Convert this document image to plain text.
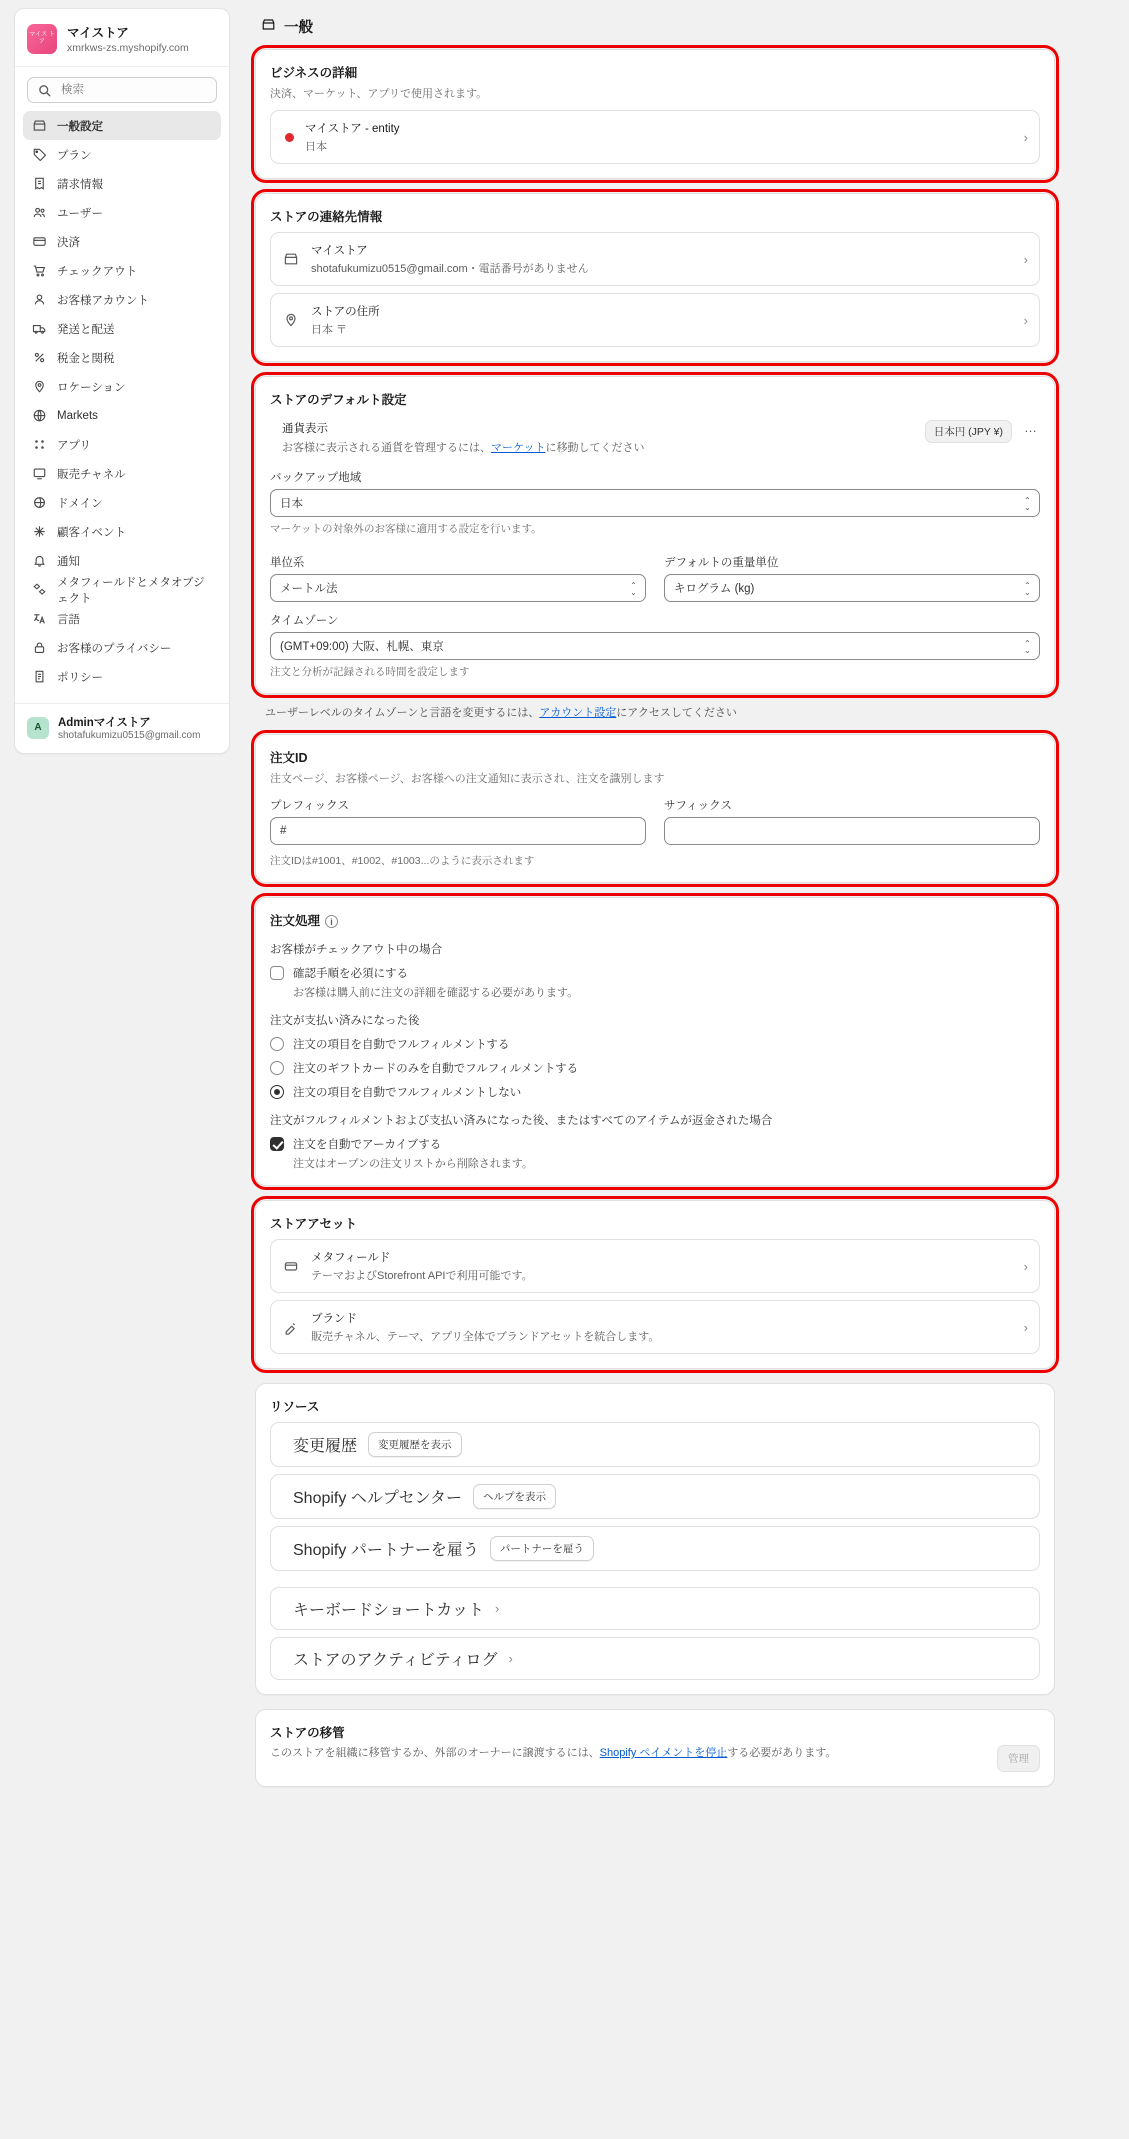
マイス トア
マイストア
xmrkws-zs.myshopify.com
検索
一般設定
プラン
請求情報
ユーザー
決済
チェックアウト
お客様アカウント
発送と配送
税金と関税
ロケーション
Markets
アプリ
販売チャネル
ドメイン
顧客イベント
通知
メタフィールドとメタオブジェクト
言語
お客様のプライバシー
ポリシー
A	Adminマイストア
shotafukumizu0515@gmail.com
一般
ビジネスの詳細

決済、マーケット、アプリで使用されます。

マイストア - entity
日本
›
ストアの連絡先情報
マイストア
shotafukumizu0515@gmail.com・電話番号がありません
›
ストアの住所
日本 〒
›
ストアのデフォルト設定
通貨表示
お客様に表示される通貨を管理するには、マーケットに移動してください
日本円 (JPY ¥)	…
バックアップ地域
日本
⌃⌄
マーケットの対象外のお客様に適用する設定を行います。
単位系
メートル法
⌃⌄
デフォルトの重量単位
キログラム (kg)
⌃⌄
タイムゾーン
(GMT+09:00) 大阪、札幌、東京
⌃⌄
注文と分析が記録される時間を設定します
ユーザーレベルのタイムゾーンと言語を変更するには、アカウント設定にアクセスしてください
注文ID

注文ページ、お客様ページ、お客様への注文通知に表示され、注文を識別します

プレフィックス
#	サフィックス
注文IDは#1001、#1002、#1003...のように表示されます
注文処理 i
お客様がチェックアウト中の場合
確認手順を必須にする
お客様は購入前に注文の詳細を確認する必要があります。
注文が支払い済みになった後
注文の項目を自動でフルフィルメントする
注文のギフトカードのみを自動でフルフィルメントする
注文の項目を自動でフルフィルメントしない
注文がフルフィルメントおよび支払い済みになった後、またはすべてのアイテムが返金された場合
注文を自動でアーカイブする
注文はオープンの注文リストから削除されます。
ストアアセット
メタフィールド
テーマおよびStorefront APIで利用可能です。
›
ブランド
販売チャネル、テーマ、アプリ全体でブランドアセットを統合します。
›
リソース
変更履歴	変更履歴を表示
Shopify ヘルプセンター	ヘルプを表示
Shopify パートナーを雇う	パートナーを雇う
キーボードショートカット ›
ストアのアクティビティログ ›
ストアの移管
このストアを組織に移管するか、外部のオーナーに譲渡するには、Shopify ペイメントを停止する必要があります。	管理
